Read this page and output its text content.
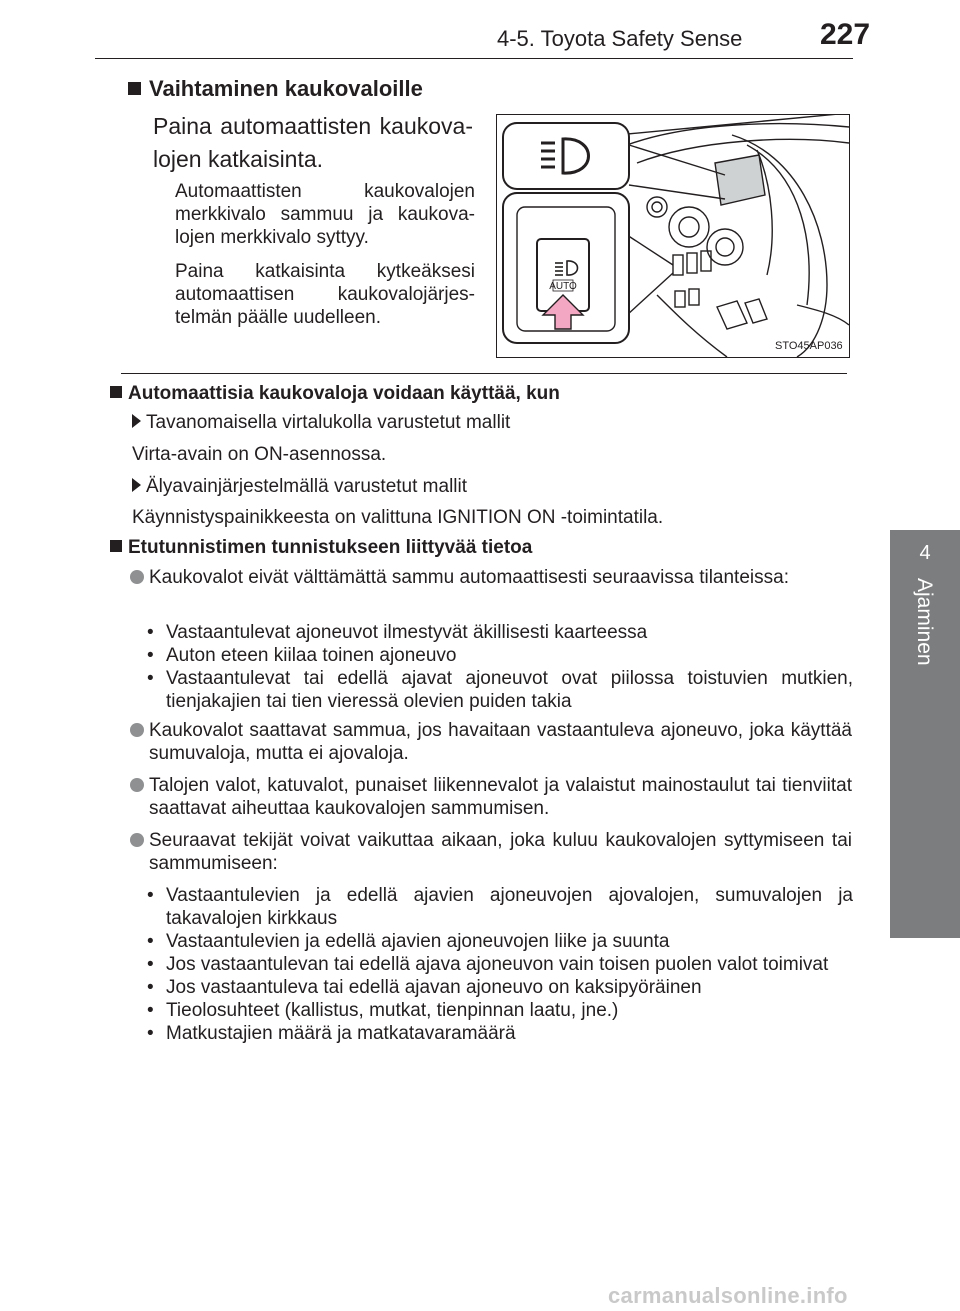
4-5. Toyota Safety Sense	227
4
Ajaminen
Vaihtaminen kaukovaloille
Paina automaattisten kaukovalojen katkaisinta.
Automaattisten kaukovalojen merkkivalo sammuu ja kaukovalojen merkkivalo syttyy.
Paina katkaisinta kytkeäksesi automaattisen kaukovalojärjestelmän päälle uudelleen.
AUTO
STO45AP036
Automaattisia kaukovaloja voidaan käyttää, kun
Tavanomaisella virtalukolla varustetut mallit
Virta-avain on ON-asennossa.
Älyavainjärjestelmällä varustetut mallit
Käynnistyspainikkeesta on valittuna IGNITION ON -toimintatila.
Etutunnistimen tunnistukseen liittyvää tietoa
Kaukovalot eivät välttämättä sammu automaattisesti seuraavissa tilanteissa:
• Vastaantulevat ajoneuvot ilmestyvät äkillisesti kaarteessa
• Auton eteen kiilaa toinen ajoneuvo
• Vastaantulevat tai edellä ajavat ajoneuvot ovat piilossa toistuvien mutkien, tienjakajien tai tien vieressä olevien puiden takia
Kaukovalot saattavat sammua, jos havaitaan vastaantuleva ajoneuvo, joka käyttää sumuvaloja, mutta ei ajovaloja.
Talojen valot, katuvalot, punaiset liikennevalot ja valaistut mainostaulut tai tienviitat saattavat aiheuttaa kaukovalojen sammumisen.
Seuraavat tekijät voivat vaikuttaa aikaan, joka kuluu kaukovalojen syttymiseen tai sammumiseen:
• Vastaantulevien ja edellä ajavien ajoneuvojen ajovalojen, sumuvalojen ja takavalojen kirkkaus
• Vastaantulevien ja edellä ajavien ajoneuvojen liike ja suunta
• Jos vastaantulevan tai edellä ajava ajoneuvon vain toisen puolen valot toimivat
• Jos vastaantuleva tai edellä ajavan ajoneuvo on kaksipyöräinen
• Tieolosuhteet (kallistus, mutkat, tienpinnan laatu, jne.)
• Matkustajien määrä ja matkatavaramäärä
carmanualsonline.info
